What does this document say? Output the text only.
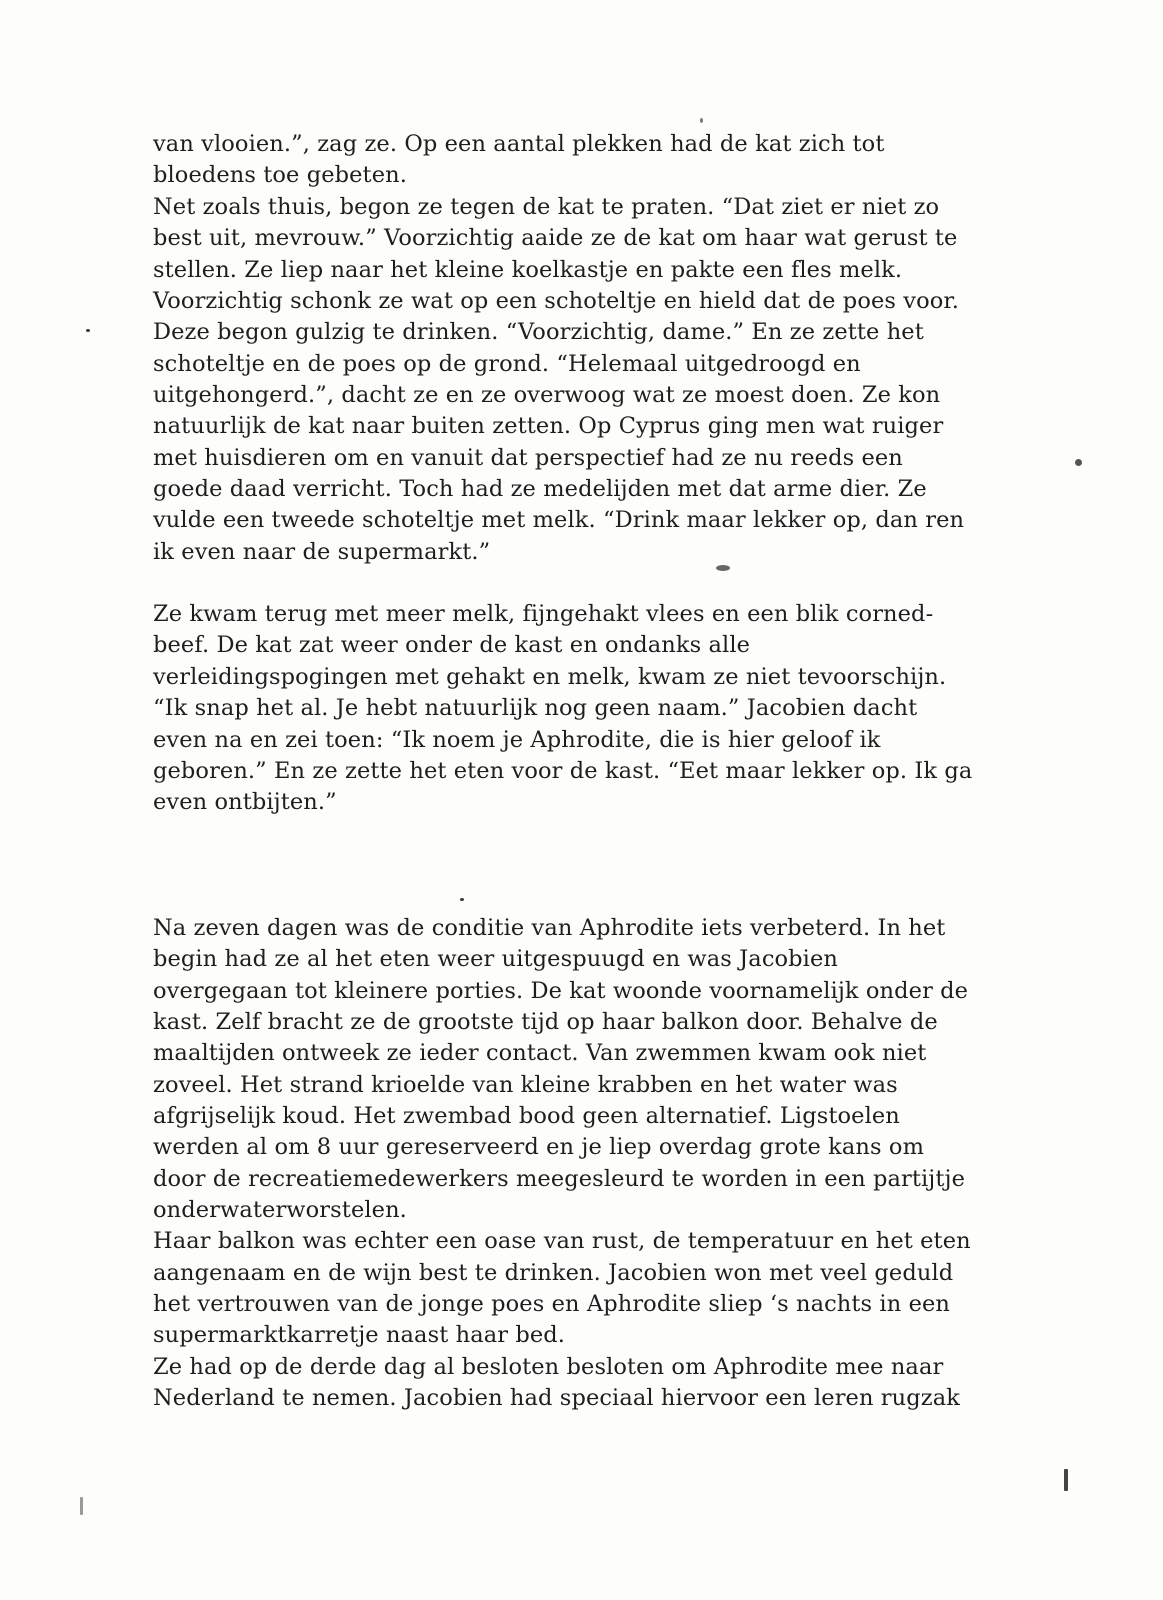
van vlooien.”, zag ze. Op een aantal plekken had de kat zich tot
bloedens toe gebeten.
Net zoals thuis, begon ze tegen de kat te praten. “Dat ziet er niet zo
best uit, mevrouw.” Voorzichtig aaide ze de kat om haar wat gerust te
stellen. Ze liep naar het kleine koelkastje en pakte een fles melk.
Voorzichtig schonk ze wat op een schoteltje en hield dat de poes voor.
Deze begon gulzig te drinken. “Voorzichtig, dame.” En ze zette het
schoteltje en de poes op de grond. “Helemaal uitgedroogd en
uitgehongerd.”, dacht ze en ze overwoog wat ze moest doen. Ze kon
natuurlijk de kat naar buiten zetten. Op Cyprus ging men wat ruiger
met huisdieren om en vanuit dat perspectief had ze nu reeds een
goede daad verricht. Toch had ze medelijden met dat arme dier. Ze
vulde een tweede schoteltje met melk. “Drink maar lekker op, dan ren
ik even naar de supermarkt.”
Ze kwam terug met meer melk, fijngehakt vlees en een blik corned-
beef. De kat zat weer onder de kast en ondanks alle
verleidingspogingen met gehakt en melk, kwam ze niet tevoorschijn.
“Ik snap het al. Je hebt natuurlijk nog geen naam.” Jacobien dacht
even na en zei toen: “Ik noem je Aphrodite, die is hier geloof ik
geboren.” En ze zette het eten voor de kast. “Eet maar lekker op. Ik ga
even ontbijten.”
Na zeven dagen was de conditie van Aphrodite iets verbeterd. In het
begin had ze al het eten weer uitgespuugd en was Jacobien
overgegaan tot kleinere porties. De kat woonde voornamelijk onder de
kast. Zelf bracht ze de grootste tijd op haar balkon door. Behalve de
maaltijden ontweek ze ieder contact. Van zwemmen kwam ook niet
zoveel. Het strand krioelde van kleine krabben en het water was
afgrijselijk koud. Het zwembad bood geen alternatief. Ligstoelen
werden al om 8 uur gereserveerd en je liep overdag grote kans om
door de recreatiemedewerkers meegesleurd te worden in een partijtje
onderwaterworstelen.
Haar balkon was echter een oase van rust, de temperatuur en het eten
aangenaam en de wijn best te drinken. Jacobien won met veel geduld
het vertrouwen van de jonge poes en Aphrodite sliep ‘s nachts in een
supermarktkarretje naast haar bed.
Ze had op de derde dag al besloten besloten om Aphrodite mee naar
Nederland te nemen. Jacobien had speciaal hiervoor een leren rugzak
